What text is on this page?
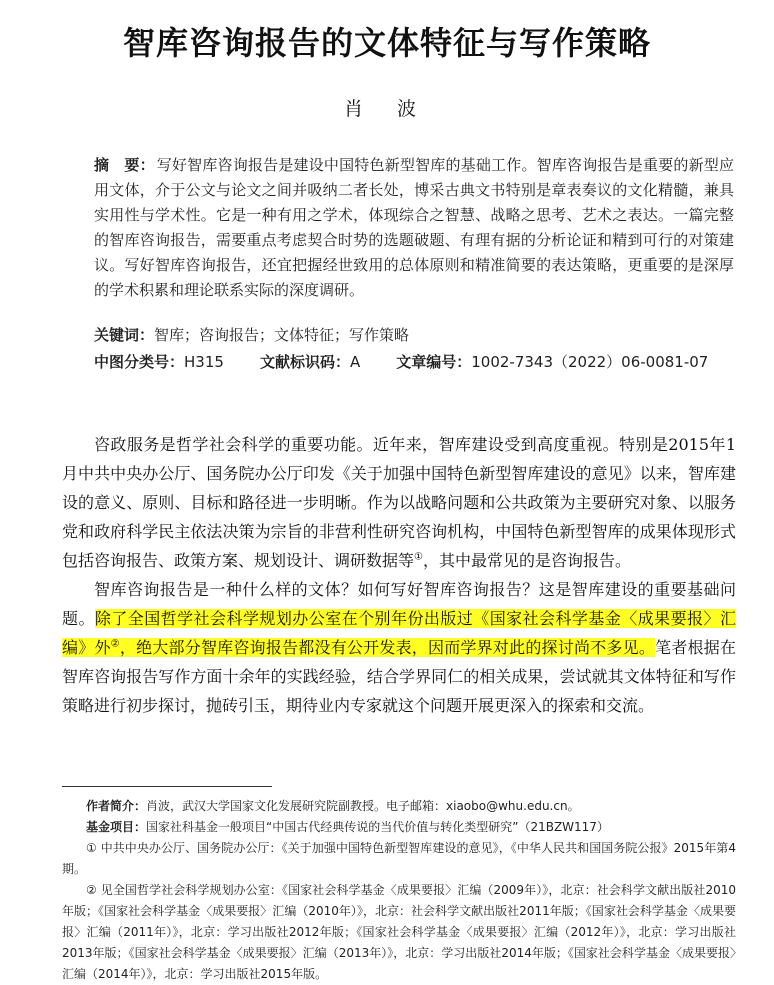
智库咨询报告的文体特征与写作策略
肖 波
摘　要： 写好智库咨询报告是建设中国特色新型智库的基础工作。智库咨询报告是重要的新型应用文体，介于公文与论文之间并吸纳二者长处，博采古典文书特别是章表奏议的文化精髓，兼具实用性与学术性。它是一种有用之学术，体现综合之智慧、战略之思考、艺术之表达。一篇完整的智库咨询报告，需要重点考虑契合时势的选题破题、有理有据的分析论证和精到可行的对策建议。写好智库咨询报告，还宜把握经世致用的总体原则和精准简要的表达策略，更重要的是深厚的学术积累和理论联系实际的深度调研。
关键词：智库；咨询报告；文体特征；写作策略
中图分类号：H315 文献标识码：A 文章编号：1002-7343（2022）06-0081-07

咨政服务是哲学社会科学的重要功能。近年来，智库建设受到高度重视。特别是2015年1月中共中央办公厅、国务院办公厅印发《关于加强中国特色新型智库建设的意见》以来，智库建设的意义、原则、目标和路径进一步明晰。作为以战略问题和公共政策为主要研究对象、以服务党和政府科学民主依法决策为宗旨的非营利性研究咨询机构，中国特色新型智库的成果体现形式包括咨询报告、政策方案、规划设计、调研数据等①，其中最常见的是咨询报告。

智库咨询报告是一种什么样的文体？如何写好智库咨询报告？这是智库建设的重要基础问题。除了全国哲学社会科学规划办公室在个别年份出版过《国家社会科学基金〈成果要报〉汇编》外②，绝大部分智库咨询报告都没有公开发表，因而学界对此的探讨尚不多见。笔者根据在智库咨询报告写作方面十余年的实践经验，结合学界同仁的相关成果，尝试就其文体特征和写作策略进行初步探讨，抛砖引玉，期待业内专家就这个问题开展更深入的探索和交流。

作者简介：肖波，武汉大学国家文化发展研究院副教授。电子邮箱：xiaobo@whu.edu.cn。

基金项目：国家社科基金一般项目“中国古代经典传说的当代价值与转化类型研究”（21BZW117）

① 中共中央办公厅、国务院办公厅：《关于加强中国特色新型智库建设的意见》，《中华人民共和国国务院公报》2015年第4期。

② 见全国哲学社会科学规划办公室：《国家社会科学基金〈成果要报〉汇编（2009年）》，北京：社会科学文献出版社2010年版；《国家社会科学基金〈成果要报〉汇编（2010年）》，北京：社会科学文献出版社2011年版；《国家社会科学基金〈成果要报〉汇编（2011年）》，北京：学习出版社2012年版；《国家社会科学基金〈成果要报〉汇编（2012年）》，北京：学习出版社2013年版；《国家社会科学基金〈成果要报〉汇编（2013年）》，北京：学习出版社2014年版；《国家社会科学基金〈成果要报〉汇编（2014年）》，北京：学习出版社2015年版。
